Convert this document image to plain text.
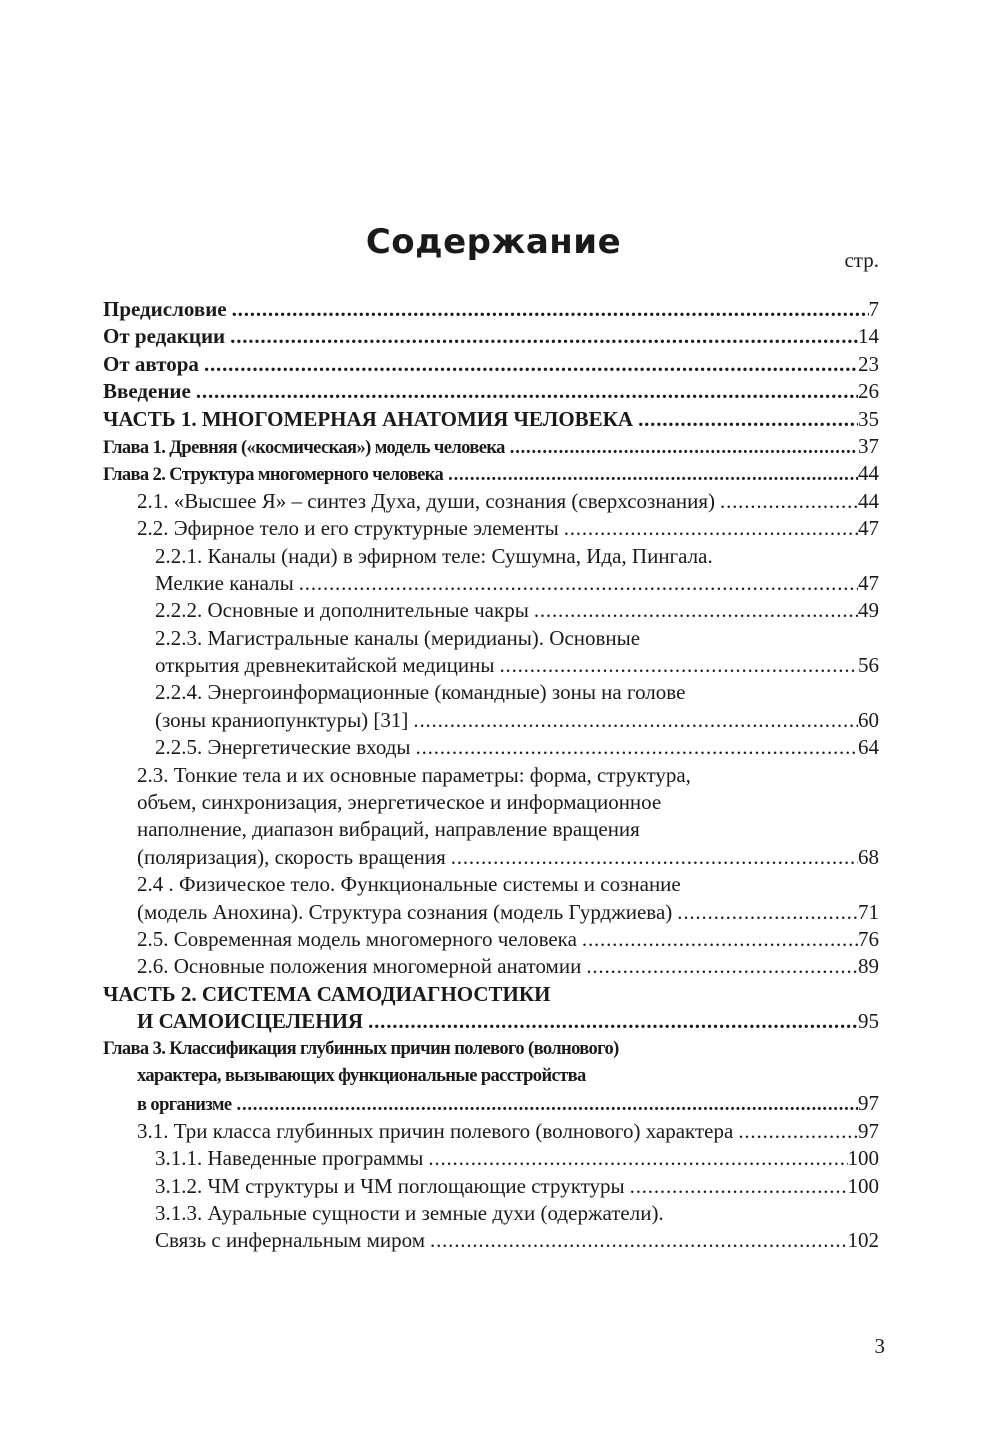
Содержание	стр.
Предисловие .....	7
От редакции .....	14
От автора .....	23
Введение .....	26
ЧАСТЬ 1. МНОГОМЕРНАЯ АНАТОМИЯ ЧЕЛОВЕКА .....	35
Глава 1. Древняя («космическая») модель человека .....	37
Глава 2. Структура многомерного человека .....	44
2.1. «Высшее Я» – синтез Духа, души, сознания (сверхсознания) .....	44
2.2. Эфирное тело и его структурные элементы .....	47
2.2.1. Каналы (нади) в эфирном теле: Сушумна, Ида, Пингала.
Мелкие каналы .....	47
2.2.2. Основные и дополнительные чакры .....	49
2.2.3. Магистральные каналы (меридианы). Основные
открытия древнекитайской медицины .....	56
2.2.4. Энергоинформационные (командные) зоны на голове
(зоны краниопунктуры) [31] .....	60
2.2.5. Энергетические входы .....	64
2.3. Тонкие тела и их основные параметры: форма, структура,
объем, синхронизация, энергетическое и информационное
наполнение, диапазон вибраций, направление вращения
(поляризация), скорость вращения .....	68
2.4 . Физическое тело. Функциональные системы и сознание
(модель Анохина). Структура сознания (модель Гурджиева) .....	71
2.5. Современная модель многомерного человека .....	76
2.6. Основные положения многомерной анатомии .....	89
ЧАСТЬ 2. СИСТЕМА САМОДИАГНОСТИКИ
И САМОИСЦЕЛЕНИЯ .....	95
Глава 3. Классификация глубинных причин полевого (волнового)
характера, вызывающих функциональные расстройства
в организме .....	97
3.1. Три класса глубинных причин полевого (волнового) характера .....	97
3.1.1. Наведенные программы .....	100
3.1.2. ЧМ структуры и ЧМ поглощающие структуры .....	100
3.1.3. Ауральные сущности и земные духи (одержатели).
Связь с инфернальным миром .....	102
3
